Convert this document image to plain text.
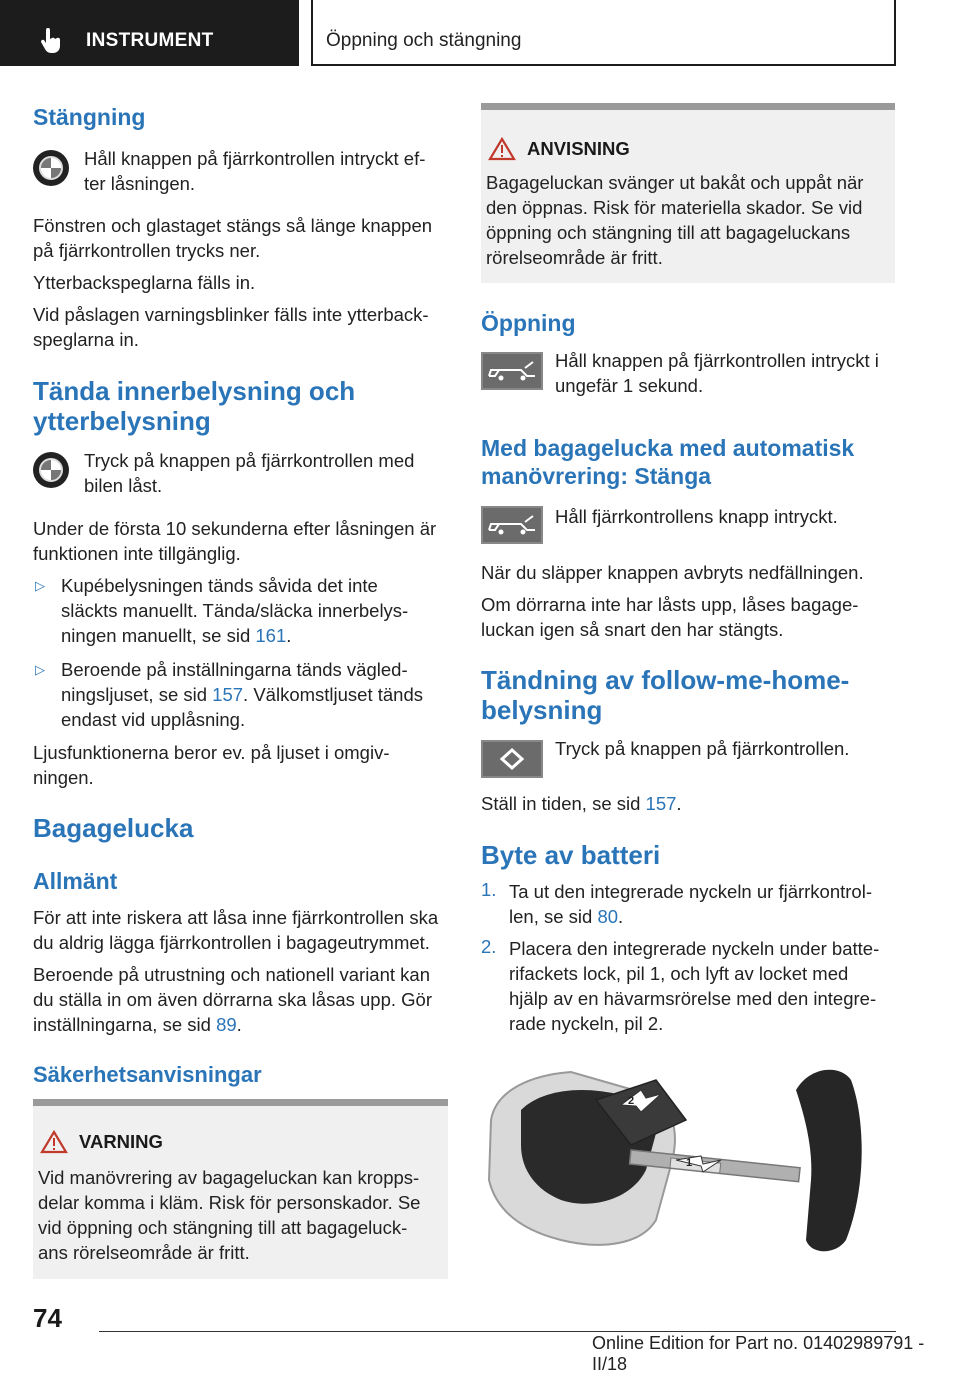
INSTRUMENT	Öppning och stängning
Stängning

Håll knappen på fjärrkontrollen intryckt ef-

ter låsningen.

Fönstren och glastaget stängs så länge knappen

på fjärrkontrollen trycks ner.

Ytterbackspeglarna fälls in.

Vid påslagen varningsblinker fälls inte ytterback-

speglarna in.

Tända innerbelysning och
ytterbelysning

Tryck på knappen på fjärrkontrollen med

bilen låst.

Under de första 10 sekunderna efter låsningen är

funktionen inte tillgänglig.

▷ Kupébelysningen tänds såvida det inte

släckts manuellt. Tända/släcka innerbelys-

ningen manuellt, se sid 161.

▷ Beroende på inställningarna tänds vägled-

ningsljuset, se sid 157. Välkomstljuset tänds

endast vid upplåsning.

Ljusfunktionerna beror ev. på ljuset i omgiv-

ningen.

Bagagelucka
Allmänt

För att inte riskera att låsa inne fjärrkontrollen ska

du aldrig lägga fjärrkontrollen i bagageutrymmet.

Beroende på utrustning och nationell variant kan

du ställa in om även dörrarna ska låsas upp. Gör

inställningarna, se sid 89.

Säkerhetsanvisningar
VARNING

Vid manövrering av bagageluckan kan kropps-

delar komma i kläm. Risk för personskador. Se

vid öppning och stängning till att bagageluck-

ans rörelseområde är fritt.

ANVISNING

Bagageluckan svänger ut bakåt och uppåt när

den öppnas. Risk för materiella skador. Se vid

öppning och stängning till att bagageluckans

rörelseområde är fritt.

Öppning

Håll knappen på fjärrkontrollen intryckt i

ungefär 1 sekund.

Med bagagelucka med automatisk
manövrering: Stänga

Håll fjärrkontrollens knapp intryckt.

När du släpper knappen avbryts nedfällningen.

Om dörrarna inte har låsts upp, låses bagage-

luckan igen så snart den har stängts.

Tändning av follow-me-home-
belysning

Tryck på knappen på fjärrkontrollen.

Ställ in tiden, se sid 157.

Byte av batteri
1. Ta ut den integrerade nyckeln ur fjärrkontrol-

len, se sid 80.

2. Placera den integrerade nyckeln under batte-

rifackets lock, pil 1, och lyft av locket med

hjälp av en hävarmsrörelse med den integre-

rade nyckeln, pil 2.

2
1
74
Online Edition for Part no. 01402989791 - II/18
